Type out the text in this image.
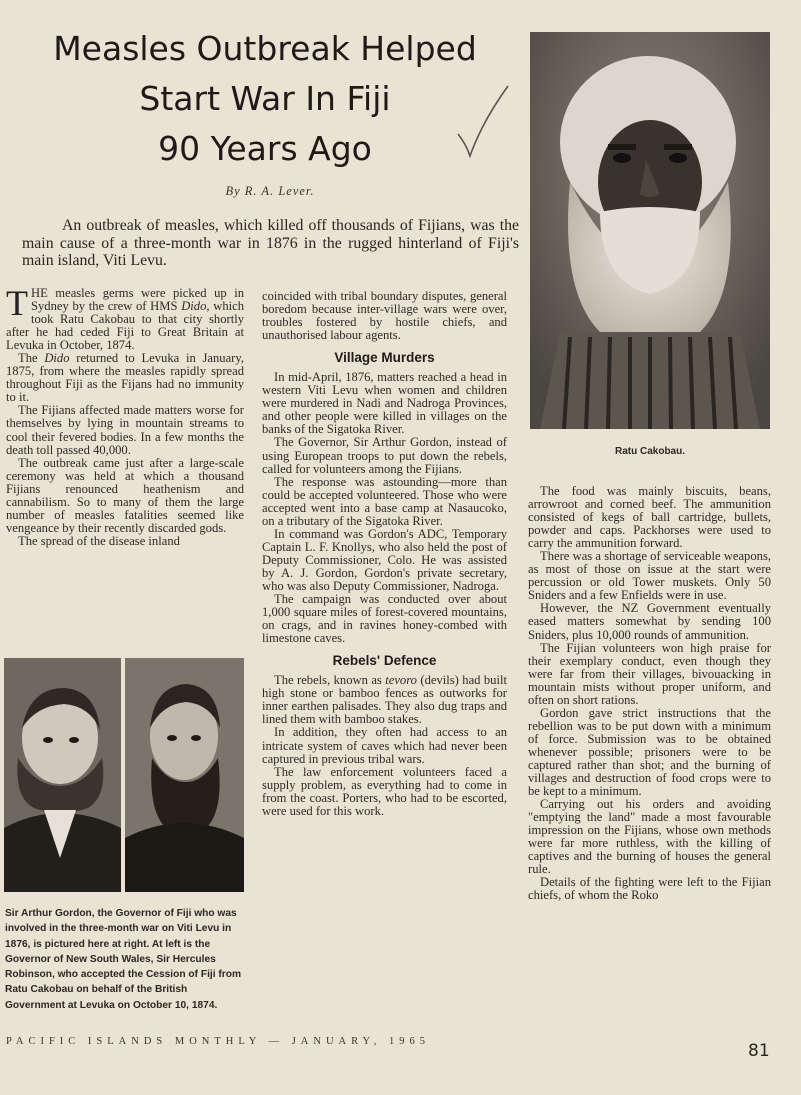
Measles Outbreak Helped
Start War In Fiji
90 Years Ago
By R. A. Lever.
An outbreak of measles, which killed off thousands of Fijians, was the main cause of a three-month war in 1876 in the rugged hinterland of Fiji's main island, Viti Levu.

THE measles germs were picked up in Sydney by the crew of HMS Dido, which took Ratu Cakobau to that city shortly after he had ceded Fiji to Great Britain at Levuka in October, 1874.

The Dido returned to Levuka in January, 1875, from where the measles rapidly spread throughout Fiji as the Fijans had no immunity to it.

The Fijians affected made matters worse for themselves by lying in mountain streams to cool their fevered bodies. In a few months the death toll passed 40,000.

The outbreak came just after a large-scale ceremony was held at which a thousand Fijians renounced heathenism and cannabilism. So to many of them the large number of measles fatalities seemed like vengeance by their recently discarded gods.

The spread of the disease inland

coincided with tribal boundary disputes, general boredom because inter-village wars were over, troubles fostered by hostile chiefs, and unauthorised labour agents.

Village Murders

In mid-April, 1876, matters reached a head in western Viti Levu when women and children were murdered in Nadi and Nadroga Provinces, and other people were killed in villages on the banks of the Sigatoka River.

The Governor, Sir Arthur Gordon, instead of using European troops to put down the rebels, called for volunteers among the Fijians.

The response was astounding—more than could be accepted volunteered. Those who were accepted went into a base camp at Nasaucoko, on a tributary of the Sigatoka River.

In command was Gordon's ADC, Temporary Captain L. F. Knollys, who also held the post of Deputy Commissioner, Colo. He was assisted by A. J. Gordon, Gordon's private secretary, who was also Deputy Commissioner, Nadroga.

The campaign was conducted over about 1,000 square miles of forest-covered mountains, on crags, and in ravines honey-combed with limestone caves.

Rebels' Defence

The rebels, known as tevoro (devils) had built high stone or bamboo fences as outworks for inner earthen palisades. They also dug traps and lined them with bamboo stakes.

In addition, they often had access to an intricate system of caves which had never been captured in previous tribal wars.

The law enforcement volunteers faced a supply problem, as everything had to come in from the coast. Porters, who had to be escorted, were used for this work.

The food was mainly biscuits, beans, arrowroot and corned beef. The ammunition consisted of kegs of ball cartridge, bullets, powder and caps. Packhorses were used to carry the ammunition forward.

There was a shortage of serviceable weapons, as most of those on issue at the start were percussion or old Tower muskets. Only 50 Sniders and a few Enfields were in use.

However, the NZ Government eventually eased matters somewhat by sending 100 Sniders, plus 10,000 rounds of ammunition.

The Fijian volunteers won high praise for their exemplary conduct, even though they were far from their villages, bivouacking in mountain mists without proper uniform, and often on short rations.

Gordon gave strict instructions that the rebellion was to be put down with a minimum of force. Submission was to be obtained whenever possible; prisoners were to be captured rather than shot; and the burning of villages and destruction of food crops were to be kept to a minimum.

Carrying out his orders and avoiding "emptying the land" made a most favourable impression on the Fijians, whose own methods were far more ruthless, with the killing of captives and the burning of houses the general rule.

Details of the fighting were left to the Fijian chiefs, of whom the Roko

Ratu Cakobau.
Sir Arthur Gordon, the Governor of Fiji who was involved in the three-month war on Viti Levu in 1876, is pictured here at right. At left is the Governor of New South Wales, Sir Hercules Robinson, who accepted the Cession of Fiji from Ratu Cakobau on behalf of the British Government at Levuka on October 10, 1874.
PACIFIC ISLANDS MONTHLY — JANUARY, 1965	81
